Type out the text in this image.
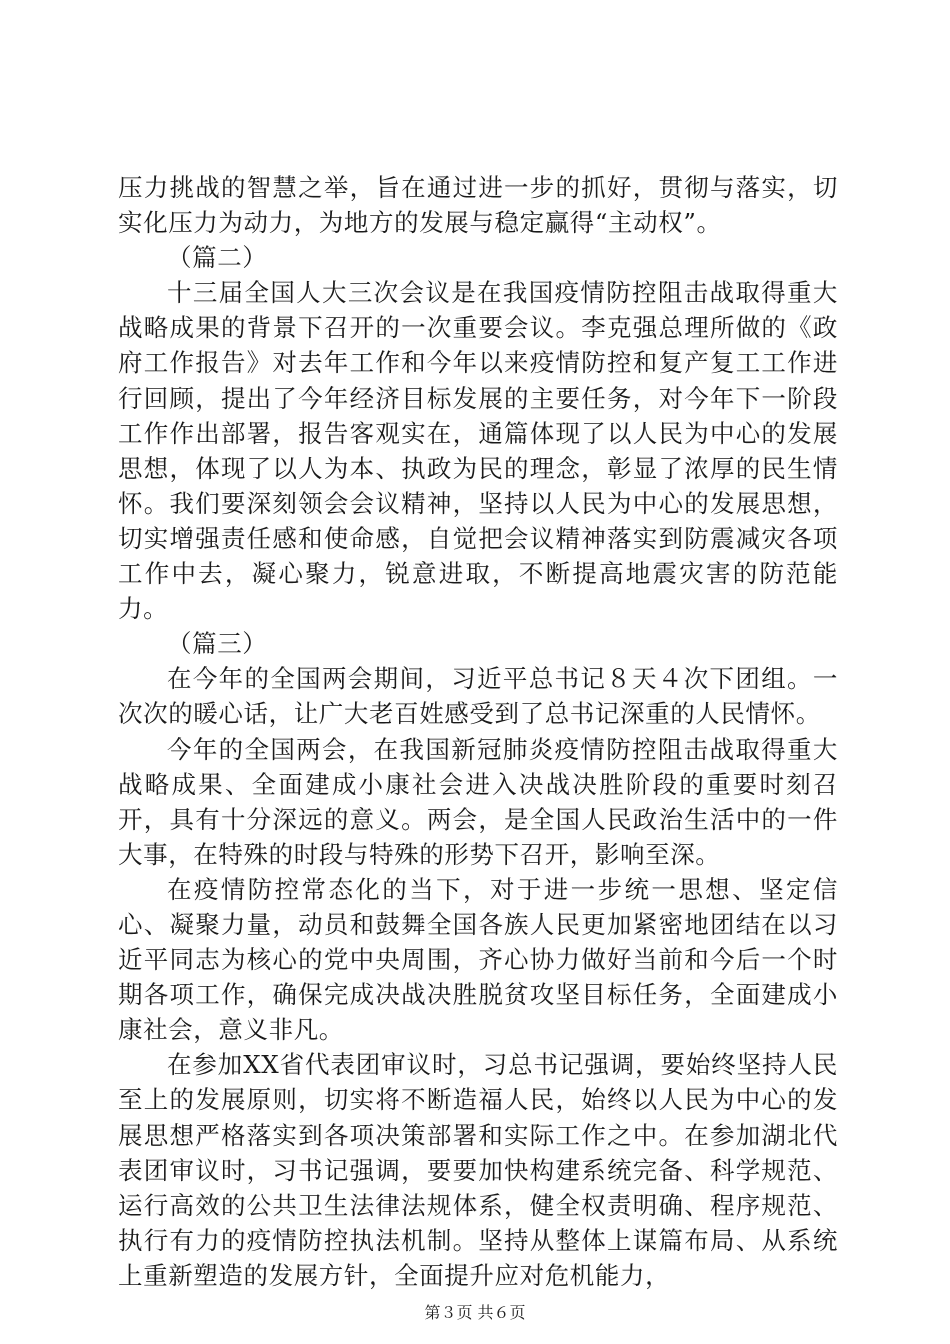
压力挑战的智慧之举，旨在通过进一步的抓好，贯彻与落实，切实化压力为动力，为地方的发展与稳定赢得“主动权”。

（篇二）

十三届全国人大三次会议是在我国疫情防控阻击战取得重大战略成果的背景下召开的一次重要会议。李克强总理所做的《政府工作报告》对去年工作和今年以来疫情防控和复产复工工作进行回顾，提出了今年经济目标发展的主要任务，对今年下一阶段工作作出部署，报告客观实在，通篇体现了以人民为中心的发展思想，体现了以人为本、执政为民的理念，彰显了浓厚的民生情怀。我们要深刻领会会议精神，坚持以人民为中心的发展思想，切实增强责任感和使命感，自觉把会议精神落实到防震减灾各项工作中去，凝心聚力，锐意进取，不断提高地震灾害的防范能力。

（篇三）

在今年的全国两会期间，习近平总书记８天４次下团组。一次次的暖心话，让广大老百姓感受到了总书记深重的人民情怀。

今年的全国两会，在我国新冠肺炎疫情防控阻击战取得重大战略成果、全面建成小康社会进入决战决胜阶段的重要时刻召开，具有十分深远的意义。两会，是全国人民政治生活中的一件大事，在特殊的时段与特殊的形势下召开，影响至深。

在疫情防控常态化的当下，对于进一步统一思想、坚定信心、凝聚力量，动员和鼓舞全国各族人民更加紧密地团结在以习近平同志为核心的党中央周围，齐心协力做好当前和今后一个时期各项工作，确保完成决战决胜脱贫攻坚目标任务，全面建成小康社会，意义非凡。

在参加XX省代表团审议时，习总书记强调，要始终坚持人民至上的发展原则，切实将不断造福人民，始终以人民为中心的发展思想严格落实到各项决策部署和实际工作之中。在参加湖北代表团审议时，习书记强调，要要加快构建系统完备、科学规范、运行高效的公共卫生法律法规体系，健全权责明确、程序规范、执行有力的疫情防控执法机制。坚持从整体上谋篇布局、从系统上重新塑造的发展方针，全面提升应对危机能力，

第３页 共６页
